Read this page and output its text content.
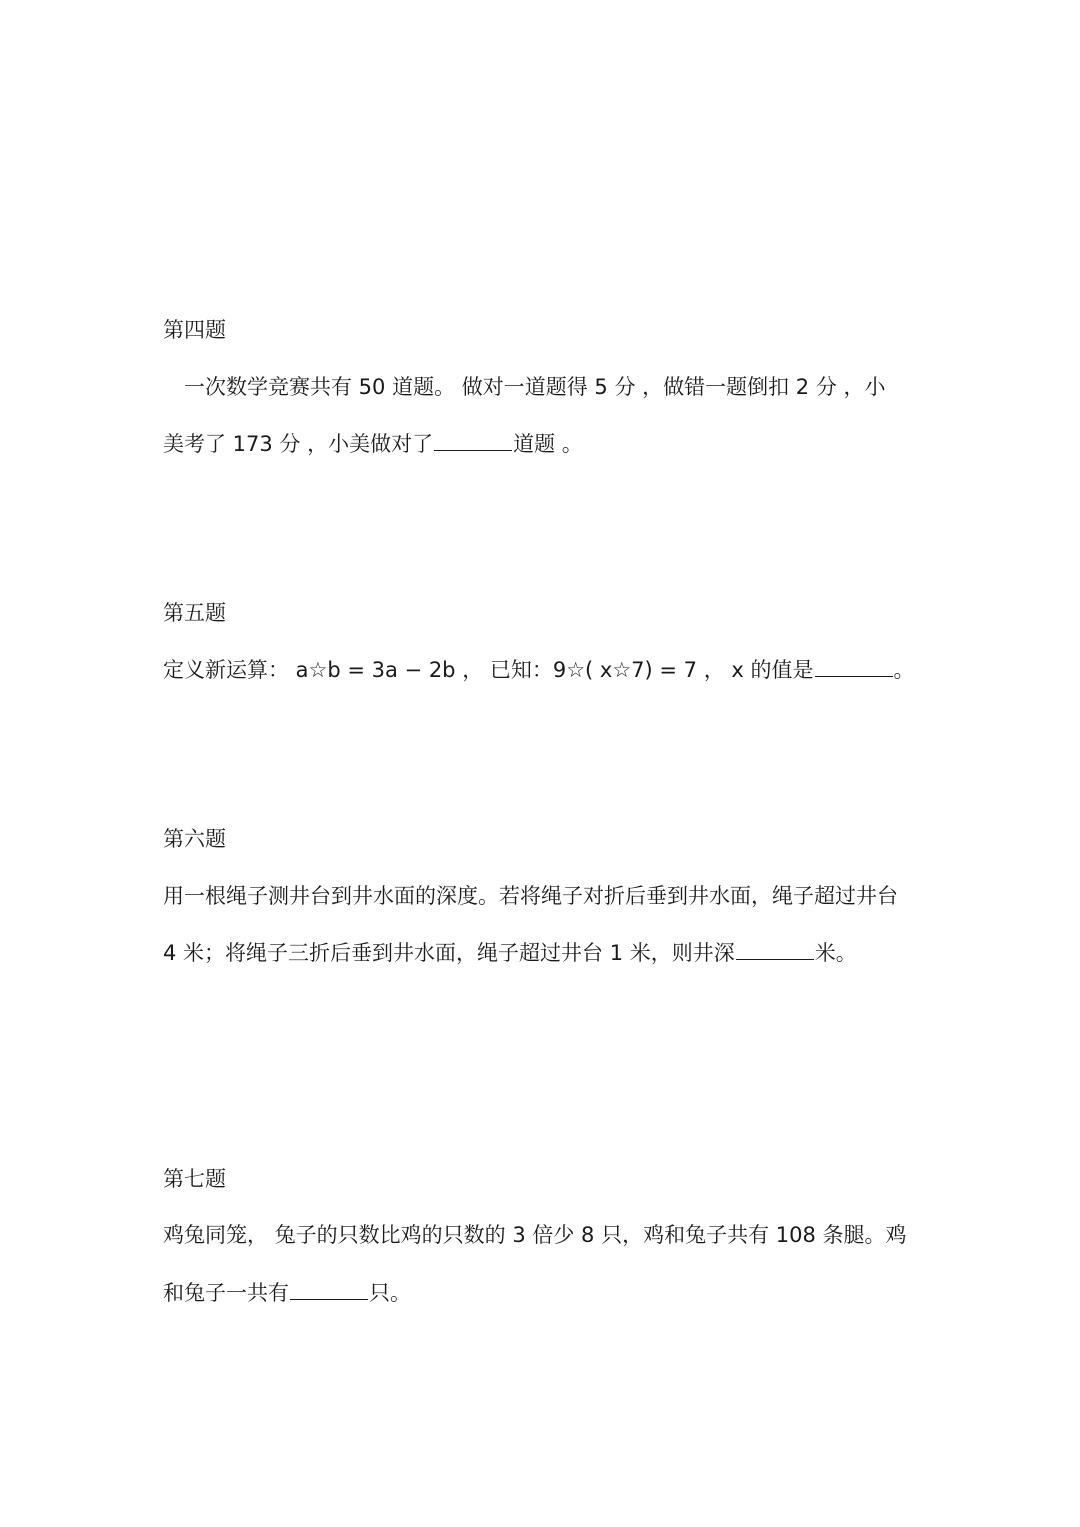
第四题
　一次数学竞赛共有 50 道题。 做对一道题得 5 分 ，做错一题倒扣 2 分 ，小
美考了 173 分 ，小美做对了	道题 。
第五题
定义新运算： a☆b = 3a − 2b ， 已知：9☆( x☆7) = 7 ， x 的值是	。
第六题
用一根绳子测井台到井水面的深度。若将绳子对折后垂到井水面，绳子超过井台
4 米；将绳子三折后垂到井水面，绳子超过井台 1 米，则井深	米。
第七题
鸡兔同笼， 兔子的只数比鸡的只数的 3 倍少 8 只，鸡和兔子共有 108 条腿。鸡
和兔子一共有	只。
